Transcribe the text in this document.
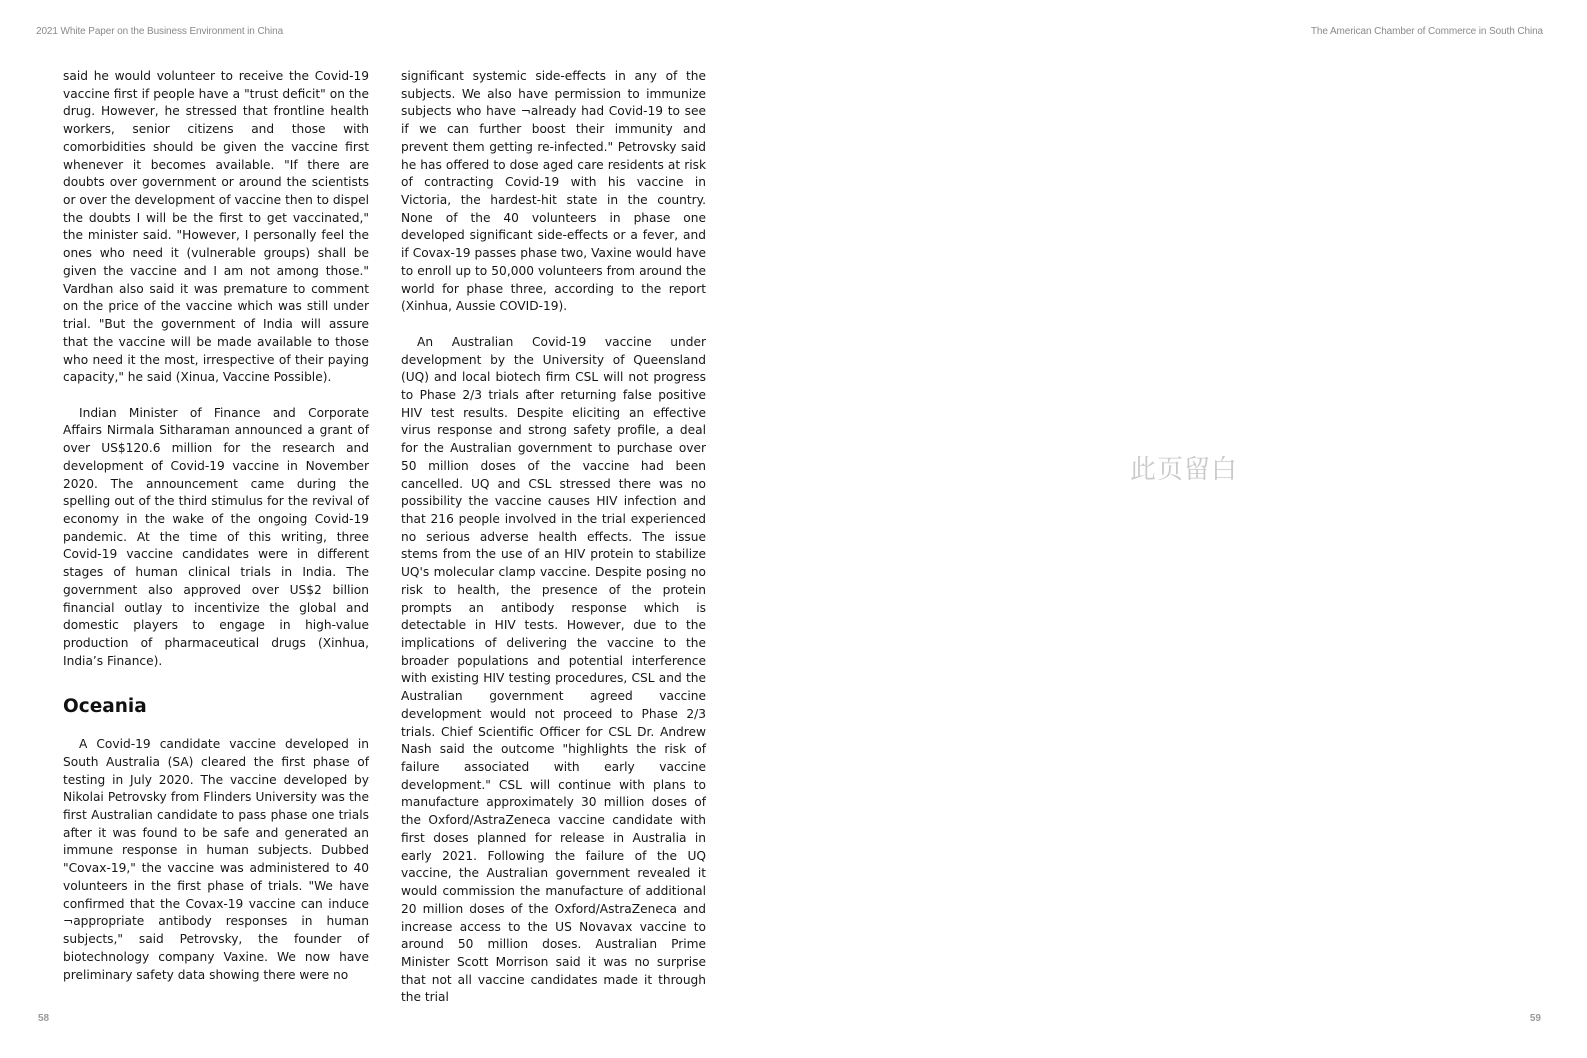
2021 White Paper on the Business Environment in China	The American Chamber of Commerce in South China

said he would volunteer to receive the Covid-19 vaccine first if people have a "trust deficit" on the drug. However, he stressed that frontline health workers, senior citizens and those with comorbidities should be given the vaccine first whenever it becomes available. "If there are doubts over government or around the scientists or over the development of vaccine then to dispel the doubts I will be the first to get vaccinated," the minister said. "However, I personally feel the ones who need it (vulnerable groups) shall be given the vaccine and I am not among those." Vardhan also said it was premature to comment on the price of the vaccine which was still under trial. "But the government of India will assure that the vaccine will be made available to those who need it the most, irrespective of their paying capacity," he said (Xinua, Vaccine Possible).

Indian Minister of Finance and Corporate Affairs Nirmala Sitharaman announced a grant of over US$120.6 million for the research and development of Covid-19 vaccine in November 2020. The announcement came during the spelling out of the third stimulus for the revival of economy in the wake of the ongoing Covid-19 pandemic. At the time of this writing, three Covid-19 vaccine candidates were in different stages of human clinical trials in India. The government also approved over US$2 billion financial outlay to incentivize the global and domestic players to engage in high-value production of pharmaceutical drugs (Xinhua, India’s Finance).

Oceania

A Covid-19 candidate vaccine developed in South Australia (SA) cleared the first phase of testing in July 2020. The vaccine developed by Nikolai Petrovsky from Flinders University was the first Australian candidate to pass phase one trials after it was found to be safe and generated an immune response in human subjects. Dubbed "Covax-19," the vaccine was administered to 40 volunteers in the first phase of trials. "We have confirmed that the Covax-19 vaccine can induce ¬appropriate antibody responses in human subjects," said Petrovsky, the founder of biotechnology company Vaxine. We now have preliminary safety data showing there were no

significant systemic side-effects in any of the subjects. We also have permission to immunize subjects who have ¬already had Covid-19 to see if we can further boost their immunity and prevent them getting re-infected." Petrovsky said he has offered to dose aged care residents at risk of contracting Covid-19 with his vaccine in Victoria, the hardest-hit state in the country. None of the 40 volunteers in phase one developed significant side-effects or a fever, and if Covax-19 passes phase two, Vaxine would have to enroll up to 50,000 volunteers from around the world for phase three, according to the report (Xinhua, Aussie COVID-19).

An Australian Covid-19 vaccine under development by the University of Queensland (UQ) and local biotech firm CSL will not progress to Phase 2/3 trials after returning false positive HIV test results. Despite eliciting an effective virus response and strong safety profile, a deal for the Australian government to purchase over 50 million doses of the vaccine had been cancelled. UQ and CSL stressed there was no possibility the vaccine causes HIV infection and that 216 people involved in the trial experienced no serious adverse health effects. The issue stems from the use of an HIV protein to stabilize UQ's molecular clamp vaccine. Despite posing no risk to health, the presence of the protein prompts an antibody response which is detectable in HIV tests. However, due to the implications of delivering the vaccine to the broader populations and potential interference with existing HIV testing procedures, CSL and the Australian government agreed vaccine development would not proceed to Phase 2/3 trials. Chief Scientific Officer for CSL Dr. Andrew Nash said the outcome "highlights the risk of failure associated with early vaccine development." CSL will continue with plans to manufacture approximately 30 million doses of the Oxford/AstraZeneca vaccine candidate with first doses planned for release in Australia in early 2021. Following the failure of the UQ vaccine, the Australian government revealed it would commission the manufacture of additional 20 million doses of the Oxford/AstraZeneca and increase access to the US Novavax vaccine to around 50 million doses. Australian Prime Minister Scott Morrison said it was no surprise that not all vaccine candidates made it through the trial

此页留白
58	59
